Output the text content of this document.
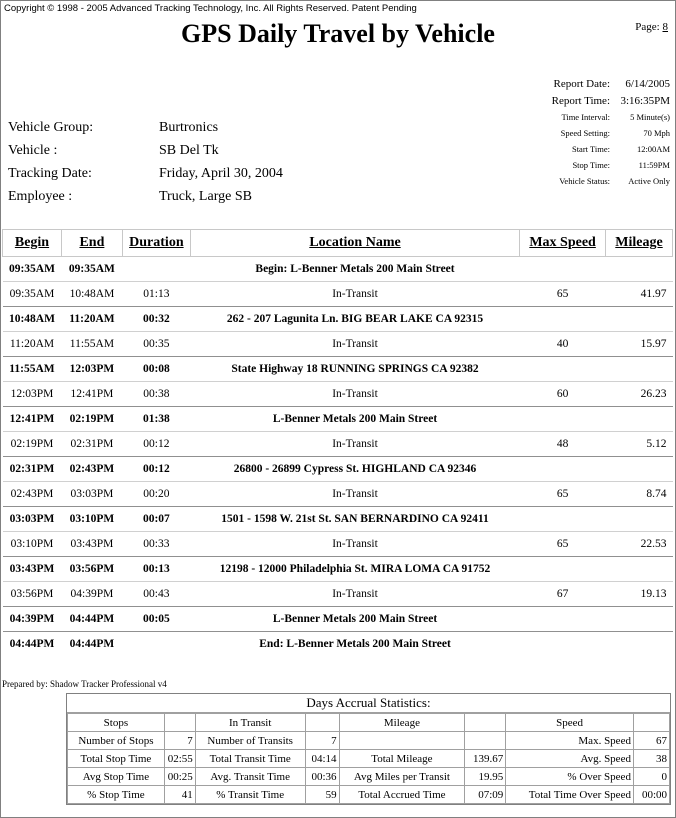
Copyright © 1998 - 2005 Advanced Tracking Technology, Inc. All Rights Reserved. Patent Pending
Page: 8
GPS Daily Travel by Vehicle
Report Date:	6/14/2005
Report Time: 3:16:35PM
Time Interval:	5 Minute(s)
Speed Setting:	70 Mph
Start Time:	12:00AM
Stop Time:	11:59PM
Vehicle Status:	Active Only
Vehicle Group:	Burtronics
Vehicle :	SB Del Tk
Tracking Date:	Friday, April 30, 2004
Employee :	Truck, Large SB
Begin	End	Duration	Location Name	Max Speed	Mileage
09:35AM	09:35AM		Begin: L-Benner Metals 200 Main Street		
09:35AM	10:48AM	01:13	In-Transit	65	41.97
10:48AM	11:20AM	00:32	262 - 207 Lagunita Ln. BIG BEAR LAKE CA 92315		
11:20AM	11:55AM	00:35	In-Transit	40	15.97
11:55AM	12:03PM	00:08	State Highway 18 RUNNING SPRINGS CA 92382		
12:03PM	12:41PM	00:38	In-Transit	60	26.23
12:41PM	02:19PM	01:38	L-Benner Metals 200 Main Street		
02:19PM	02:31PM	00:12	In-Transit	48	5.12
02:31PM	02:43PM	00:12	26800 - 26899 Cypress St. HIGHLAND CA 92346		
02:43PM	03:03PM	00:20	In-Transit	65	8.74
03:03PM	03:10PM	00:07	1501 - 1598 W. 21st St. SAN BERNARDINO CA 92411		
03:10PM	03:43PM	00:33	In-Transit	65	22.53
03:43PM	03:56PM	00:13	12198 - 12000 Philadelphia St. MIRA LOMA CA 91752		
03:56PM	04:39PM	00:43	In-Transit	67	19.13
04:39PM	04:44PM	00:05	L-Benner Metals 200 Main Street		
04:44PM	04:44PM		End: L-Benner Metals 200 Main Street		
Prepared by: Shadow Tracker Professional v4
Days Accrual Statistics:
Stops		In Transit		Mileage		Speed	
Number of Stops	7	Number of Transits	7			Max. Speed	67
Total Stop Time	02:55	Total Transit Time	04:14	Total Mileage	139.67	Avg. Speed	38
Avg Stop Time	00:25	Avg. Transit Time	00:36	Avg Miles per Transit	19.95	% Over Speed	0
% Stop Time	41	% Transit Time	59	Total Accrued Time	07:09	Total Time Over Speed	00:00
